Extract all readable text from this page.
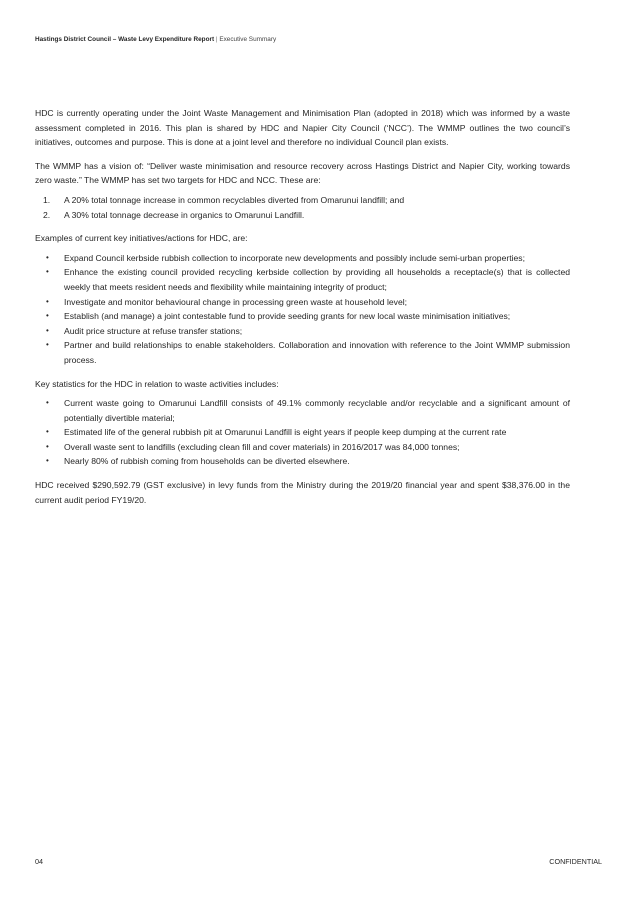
Hastings District Council – Waste Levy Expenditure Report | Executive Summary

HDC is currently operating under the Joint Waste Management and Minimisation Plan (adopted in 2018) which was informed by a waste assessment completed in 2016. This plan is shared by HDC and Napier City Council (‘NCC’). The WMMP outlines the two council’s initiatives, outcomes and purpose. This is done at a joint level and therefore no individual Council plan exists.

The WMMP has a vision of: “Deliver waste minimisation and resource recovery across Hastings District and Napier City, working towards zero waste.” The WMMP has set two targets for HDC and NCC. These are:

1. A 20% total tonnage increase in common recyclables diverted from Omarunui landfill; and
2. A 30% total tonnage decrease in organics to Omarunui Landfill.

Examples of current key initiatives/actions for HDC, are:

• Expand Council kerbside rubbish collection to incorporate new developments and possibly include semi-urban properties;
• Enhance the existing council provided recycling kerbside collection by providing all households a receptacle(s) that is collected weekly that meets resident needs and flexibility while maintaining integrity of product;
• Investigate and monitor behavioural change in processing green waste at household level;
• Establish (and manage) a joint contestable fund to provide seeding grants for new local waste minimisation initiatives;
• Audit price structure at refuse transfer stations;
• Partner and build relationships to enable stakeholders. Collaboration and innovation with reference to the Joint WMMP submission process.

Key statistics for the HDC in relation to waste activities includes:

• Current waste going to Omarunui Landfill consists of 49.1% commonly recyclable and/or recyclable and a significant amount of potentially divertible material;
• Estimated life of the general rubbish pit at Omarunui Landfill is eight years if people keep dumping at the current rate
• Overall waste sent to landfills (excluding clean fill and cover materials) in 2016/2017 was 84,000 tonnes;
• Nearly 80% of rubbish coming from households can be diverted elsewhere.

HDC received $290,592.79 (GST exclusive) in levy funds from the Ministry during the 2019/20 financial year and spent $38,376.00 in the current audit period FY19/20.

04	CONFIDENTIAL
